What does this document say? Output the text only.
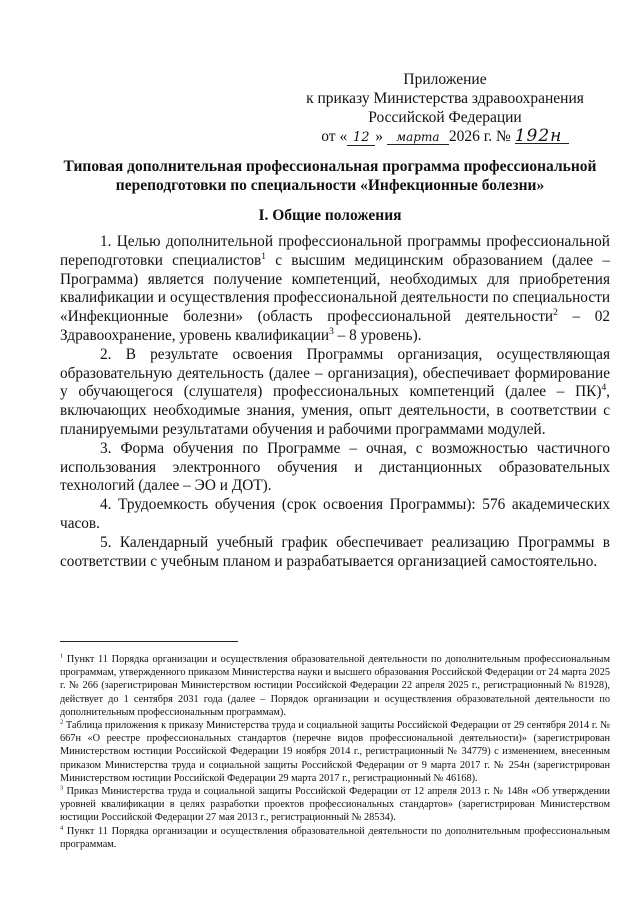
Приложение
к приказу Министерства здравоохранения
Российской Федерации
от « 12 » марта 2026 г. № 192н
Типовая дополнительная профессиональная программа профессиональной
переподготовки по специальности «Инфекционные болезни»
I. Общие положения

1. Целью дополнительной профессиональной программы профессиональной переподготовки специалистов$^1$ с высшим медицинским образованием (далее – Программа) является получение компетенций, необходимых для приобретения квалификации и осуществления профессиональной деятельности по специальности «Инфекционные болезни» (область профессиональной деятельности$^2$ – 02 Здравоохранение, уровень квалификации$^3$ – 8 уровень).

2. В результате освоения Программы организация, осуществляющая образовательную деятельность (далее – организация), обеспечивает формирование у обучающегося (слушателя) профессиональных компетенций (далее – ПК)$^4$, включающих необходимые знания, умения, опыт деятельности, в соответствии с планируемыми результатами обучения и рабочими программами модулей.

3. Форма обучения по Программе – очная, с возможностью частичного использования электронного обучения и дистанционных образовательных технологий (далее – ЭО и ДОТ).

4. Трудоемкость обучения (срок освоения Программы): 576 академических часов.

5. Календарный учебный график обеспечивает реализацию Программы в соответствии с учебным планом и разрабатывается организацией самостоятельно.

$^1$ Пункт 11 Порядка организации и осуществления образовательной деятельности по дополнительным профессиональным программам, утвержденного приказом Министерства науки и высшего образования Российской Федерации от 24 марта 2025 г. № 266 (зарегистрирован Министерством юстиции Российской Федерации 22 апреля 2025 г., регистрационный № 81928), действует до 1 сентября 2031 года (далее – Порядок организации и осуществления образовательной деятельности по дополнительным профессиональным программам).

$^2$ Таблица приложения к приказу Министерства труда и социальной защиты Российской Федерации от 29 сентября 2014 г. № 667н «О реестре профессиональных стандартов (перечне видов профессиональной деятельности)» (зарегистрирован Министерством юстиции Российской Федерации 19 ноября 2014 г., регистрационный № 34779) с изменением, внесенным приказом Министерства труда и социальной защиты Российской Федерации от 9 марта 2017 г. № 254н (зарегистрирован Министерством юстиции Российской Федерации 29 марта 2017 г., регистрационный № 46168).

$^3$ Приказ Министерства труда и социальной защиты Российской Федерации от 12 апреля 2013 г. № 148н «Об утверждении уровней квалификации в целях разработки проектов профессиональных стандартов» (зарегистрирован Министерством юстиции Российской Федерации 27 мая 2013 г., регистрационный № 28534).

$^4$ Пункт 11 Порядка организации и осуществления образовательной деятельности по дополнительным профессиональным программам.
